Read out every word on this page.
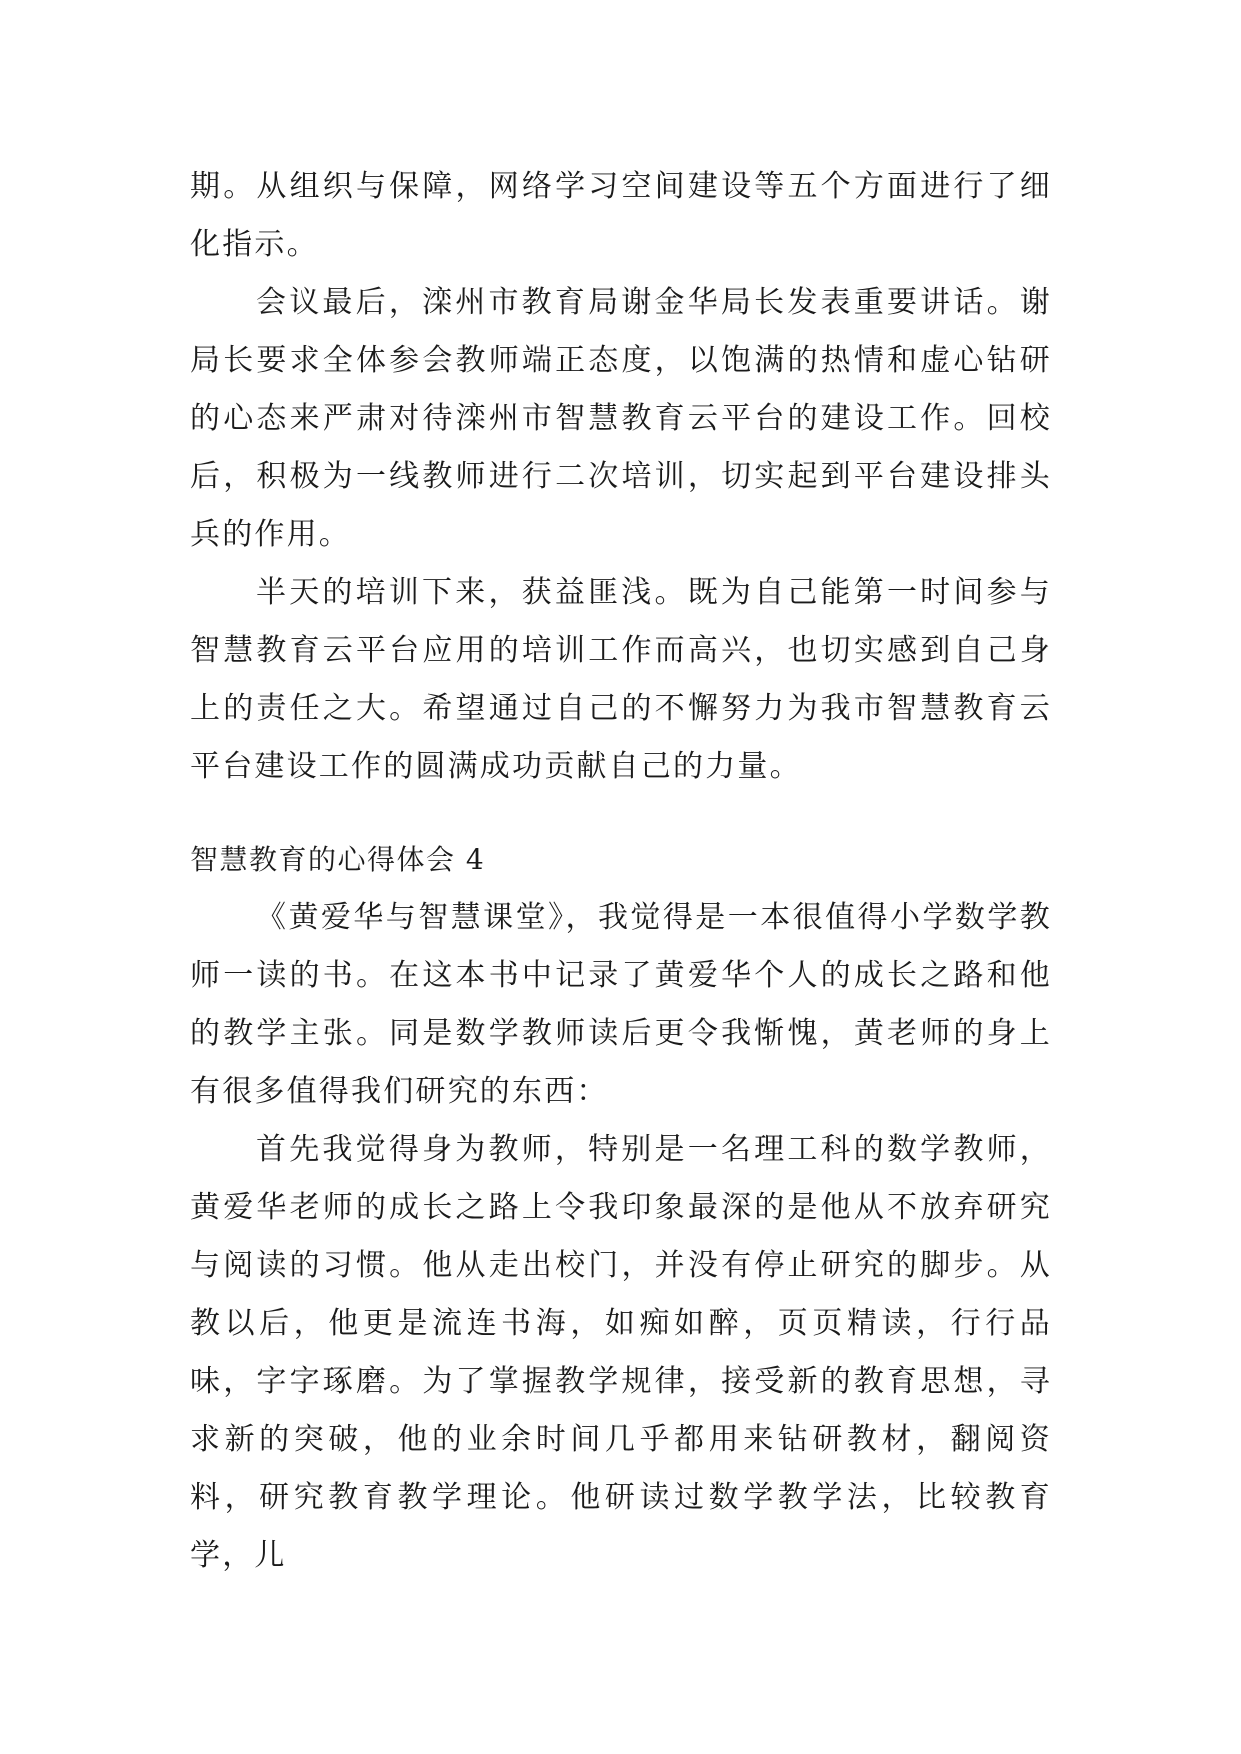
期。从组织与保障，网络学习空间建设等五个方面进行了细化指示。

会议最后，滦州市教育局谢金华局长发表重要讲话。谢局长要求全体参会教师端正态度，以饱满的热情和虚心钻研的心态来严肃对待滦州市智慧教育云平台的建设工作。回校后，积极为一线教师进行二次培训，切实起到平台建设排头兵的作用。

半天的培训下来，获益匪浅。既为自己能第一时间参与智慧教育云平台应用的培训工作而高兴，也切实感到自己身上的责任之大。希望通过自己的不懈努力为我市智慧教育云平台建设工作的圆满成功贡献自己的力量。

智慧教育的心得体会 4

《黄爱华与智慧课堂》，我觉得是一本很值得小学数学教师一读的书。在这本书中记录了黄爱华个人的成长之路和他的教学主张。同是数学教师读后更令我惭愧，黄老师的身上有很多值得我们研究的东西：

首先我觉得身为教师，特别是一名理工科的数学教师，黄爱华老师的成长之路上令我印象最深的是他从不放弃研究与阅读的习惯。他从走出校门，并没有停止研究的脚步。从教以后，他更是流连书海，如痴如醉，页页精读，行行品味，字字琢磨。为了掌握教学规律，接受新的教育思想，寻求新的突破，他的业余时间几乎都用来钻研教材，翻阅资料，研究教育教学理论。他研读过数学教学法，比较教育学，儿
